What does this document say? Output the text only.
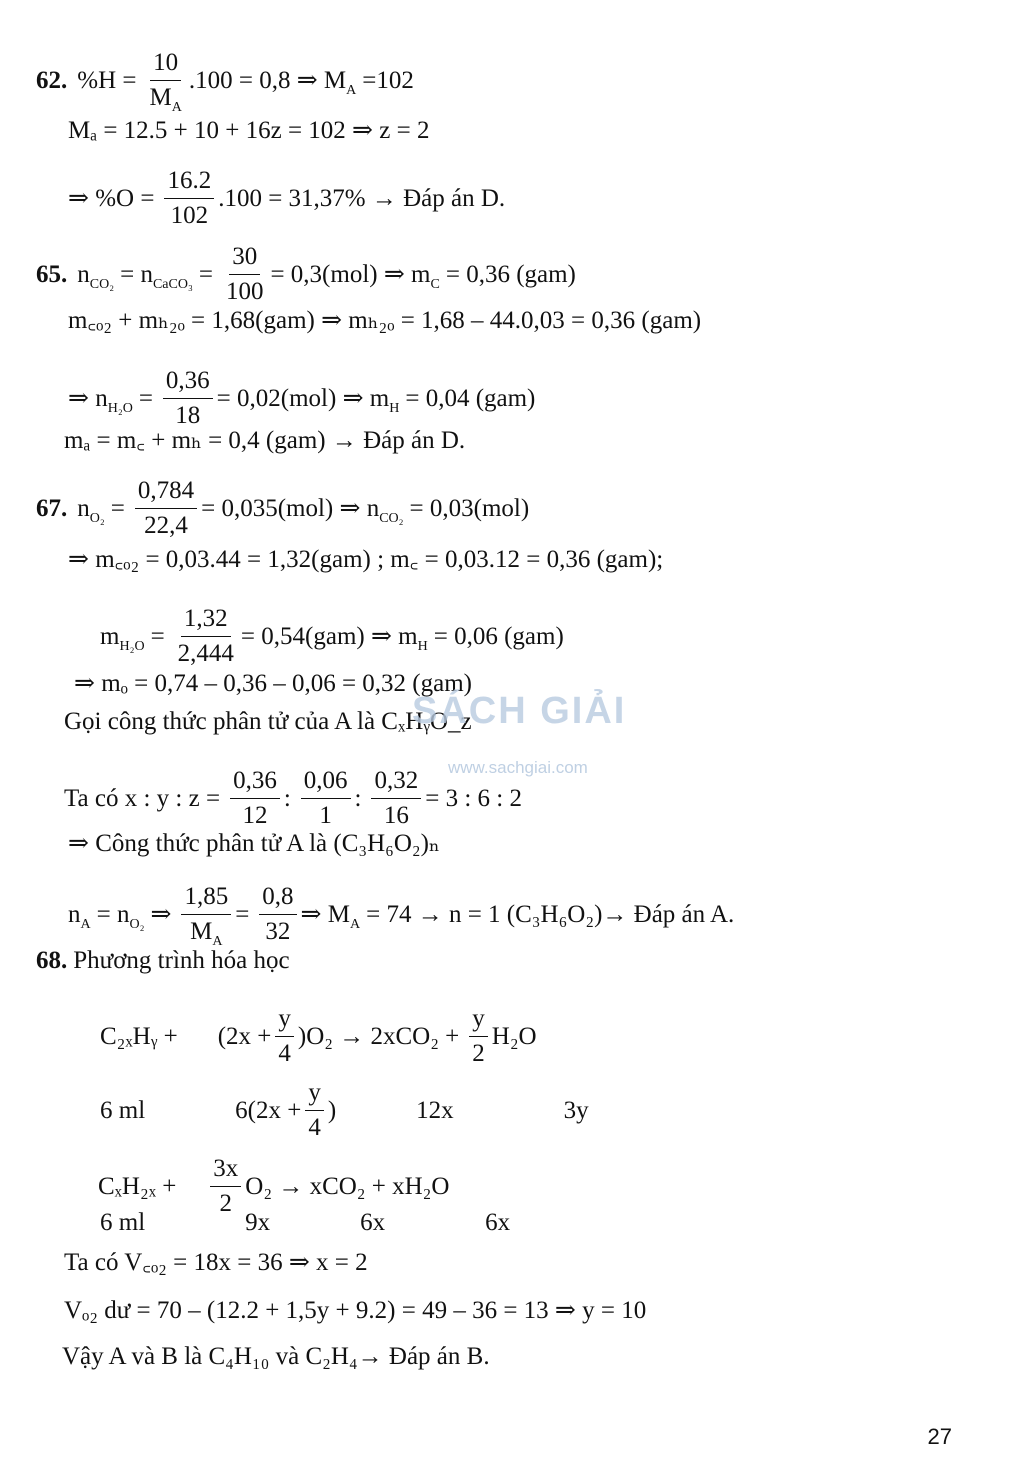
62. $\%H = \frac{10}{M_A} .100 = 0,8$ ⇒ $M_A =102$
Mₐ = 12.5 + 10 + 16z = 102 ⇒ z = 2
⇒ $\%O = \frac{16.2}{102} .100 = 31,37\%$ → Đáp án D.
65. $n_{CO_2} = n_{CaCO_3} = \frac{30}{100} = 0,3(mol)$ ⇒ $m_C = 0,36$ (gam)
m꜀ₒ₂ + mₕ₂ₒ = 1,68(gam) ⇒ mₕ₂ₒ = 1,68 – 44.0,03 = 0,36 (gam)
⇒ $n_{H_2O} = \frac{0,36}{18} = 0,02(mol)$ ⇒ $m_H = 0,04$ (gam)
mₐ = m꜀ + mₕ = 0,4 (gam) → Đáp án D.
67. $n_{O_2} = \frac{0,784}{22,4} = 0,035(mol)$ ⇒ $n_{CO_2} = 0,03(mol)$
⇒ m꜀ₒ₂ = 0,03.44 = 1,32(gam) ; m꜀ = 0,03.12 = 0,36 (gam);
$m_{H_2O} = \frac{1,32}{2,444} = 0,54(gam)$ ⇒ $m_H = 0,06$ (gam)
⇒ mₒ = 0,74 – 0,36 – 0,06 = 0,32 (gam)
Gọi công thức phân tử của A là CₓHᵧO_z
Ta có x : y : $z = \frac{0,36}{12}$ : $\frac{0,06}{1}$ : $\frac{0,32}{16} = 3$ : 6 : 2
⇒ Công thức phân tử A là (C₃H₆O₂)ₙ
$n_A = n_{O_2}$ ⇒ $\frac{1,85}{M_A} = \frac{0,8}{32}$ ⇒ $M_A = 74 \to n = 1$ (C₃H₆O₂)→ Đáp án A.
68. Phương trình hóa học
C₂ₓHᵧ + $(2x + \frac{y}{4} )O_2 \to 2xCO_2 + \frac{y}{2} H_2O$
6 ml	$6(2x + \frac{y}{4}$ )	12x	3y
$C_xH_{2x} + \frac{3x}{2} O_2 \to xCO_2 + xH_2O$
6 ml	9x	6x	6x
Ta có V꜀ₒ₂ = 18x = 36 ⇒ x = 2
Vₒ₂ dư = 70 – (12.2 + 1,5y + 9.2) = 49 – 36 = 13 ⇒ y = 10
Vậy A và B là C₄H₁₀ và C₂H₄→ Đáp án B.
SÁCH GIẢI
www.sachgiai.com
27
